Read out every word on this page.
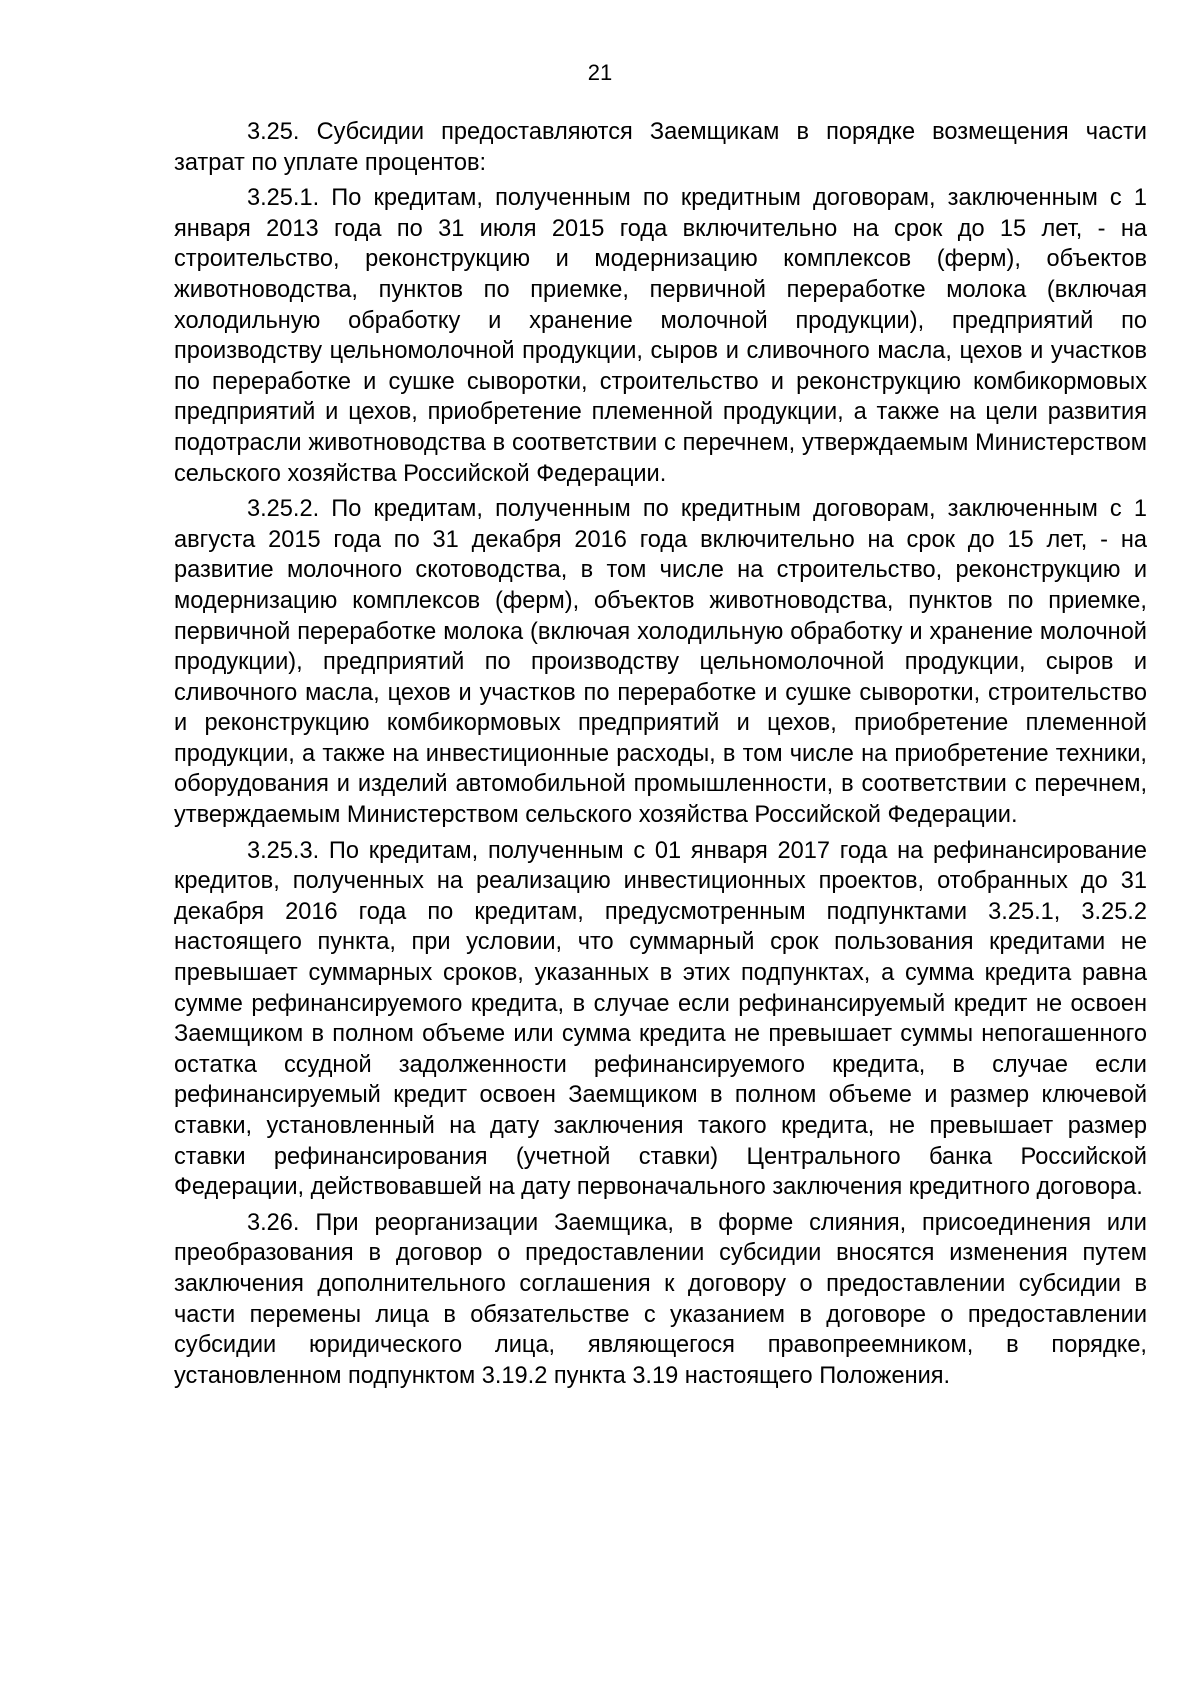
21

3.25. Субсидии предоставляются Заемщикам в порядке возмещения части затрат по уплате процентов:

3.25.1. По кредитам, полученным по кредитным договорам, заключенным с 1 января 2013 года по 31 июля 2015 года включительно на срок до 15 лет, - на строительство, реконструкцию и модернизацию комплексов (ферм), объектов животноводства, пунктов по приемке, первичной переработке молока (включая холодильную обработку и хранение молочной продукции), предприятий по производству цельномолочной продукции, сыров и сливочного масла, цехов и участков по переработке и сушке сыворотки, строительство и реконструкцию комбикормовых предприятий и цехов, приобретение племенной продукции, а также на цели развития подотрасли животноводства в соответствии с перечнем, утверждаемым Министерством сельского хозяйства Российской Федерации.

3.25.2. По кредитам, полученным по кредитным договорам, заключенным с 1 августа 2015 года по 31 декабря 2016 года включительно на срок до 15 лет, - на развитие молочного скотоводства, в том числе на строительство, реконструкцию и модернизацию комплексов (ферм), объектов животноводства, пунктов по приемке, первичной переработке молока (включая холодильную обработку и хранение молочной продукции), предприятий по производству цельномолочной продукции, сыров и сливочного масла, цехов и участков по переработке и сушке сыворотки, строительство и реконструкцию комбикормовых предприятий и цехов, приобретение племенной продукции, а также на инвестиционные расходы, в том числе на приобретение техники, оборудования и изделий автомобильной промышленности, в соответствии с перечнем, утверждаемым Министерством сельского хозяйства Российской Федерации.

3.25.3. По кредитам, полученным с 01 января 2017 года на рефинансирование кредитов, полученных на реализацию инвестиционных проектов, отобранных до 31 декабря 2016 года по кредитам, предусмотренным подпунктами 3.25.1, 3.25.2 настоящего пункта, при условии, что суммарный срок пользования кредитами не превышает суммарных сроков, указанных в этих подпунктах, а сумма кредита равна сумме рефинансируемого кредита, в случае если рефинансируемый кредит не освоен Заемщиком в полном объеме или сумма кредита не превышает суммы непогашенного остатка ссудной задолженности рефинансируемого кредита, в случае если рефинансируемый кредит освоен Заемщиком в полном объеме и размер ключевой ставки, установленный на дату заключения такого кредита, не превышает размер ставки рефинансирования (учетной ставки) Центрального банка Российской Федерации, действовавшей на дату первоначального заключения кредитного договора.

3.26. При реорганизации Заемщика, в форме слияния, присоединения или преобразования в договор о предоставлении субсидии вносятся изменения путем заключения дополнительного соглашения к договору о предоставлении субсидии в части перемены лица в обязательстве с указанием в договоре о предоставлении субсидии юридического лица, являющегося правопреемником, в порядке, установленном подпунктом 3.19.2 пункта 3.19 настоящего Положения.
